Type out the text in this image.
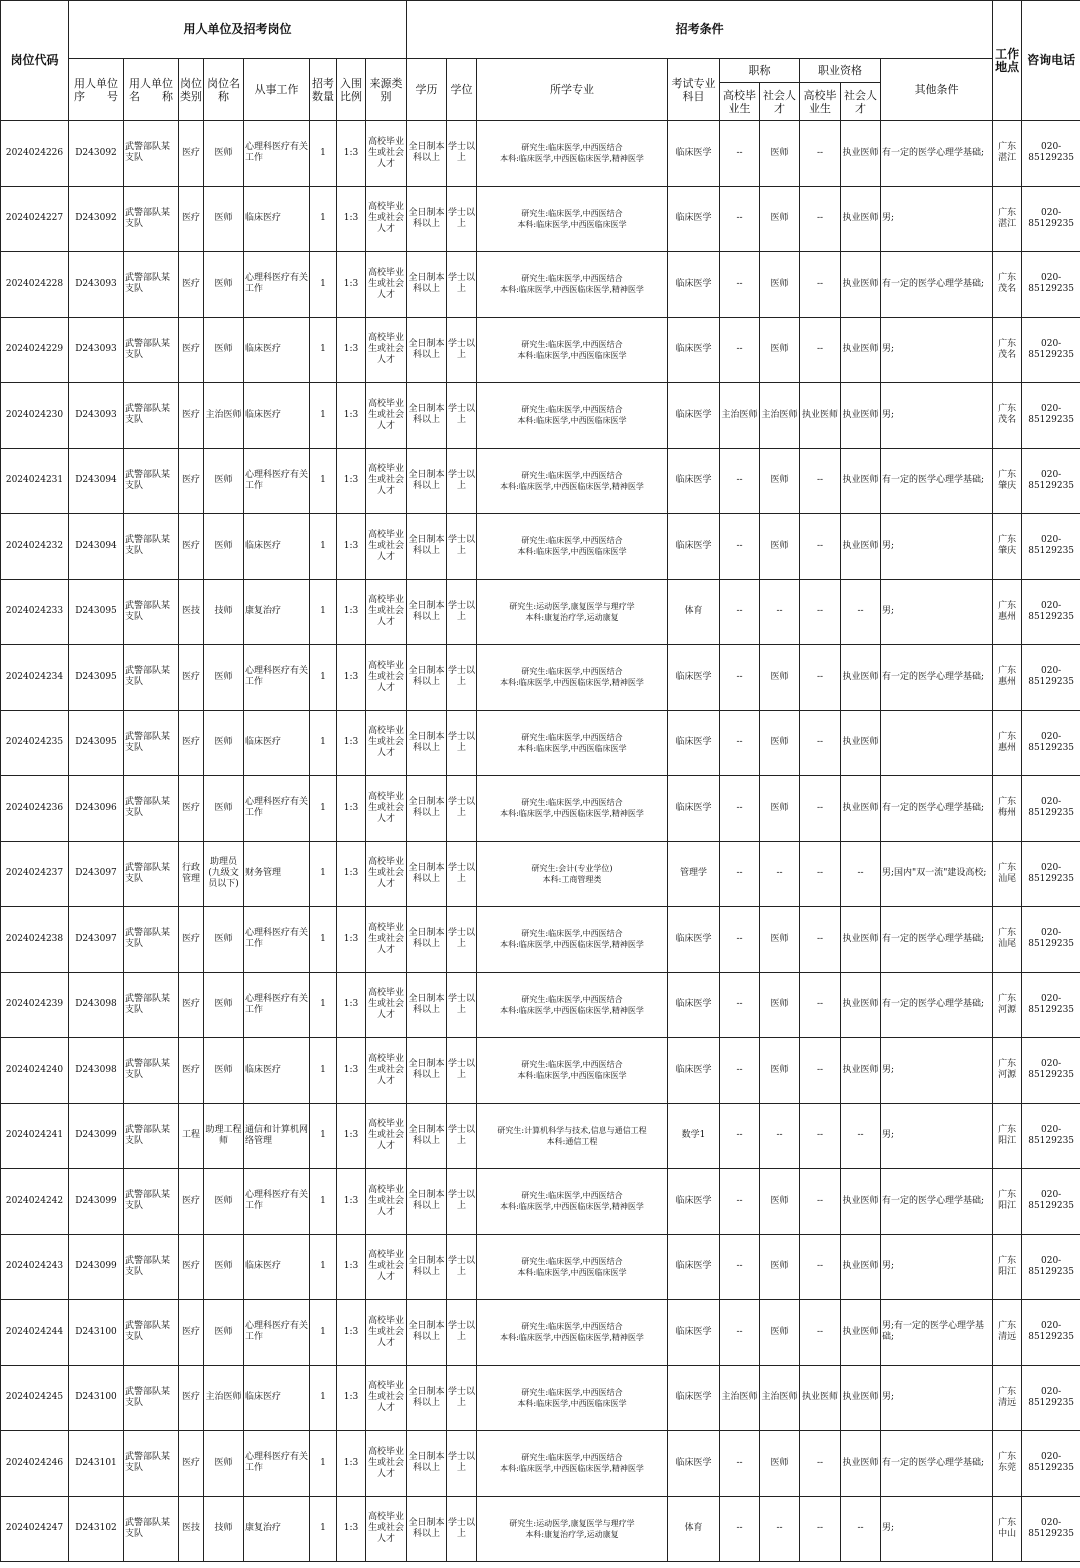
岗位代码	用人单位及招考岗位								招考条件									工作地点	咨询电话
	用人单位序　　号	用人单位名　　称	岗位类别	岗位名称	从事工作	招考数量	入围比例	来源类别	学历	学位	所学专业	考试专业科目	职称		职业资格		其他条件		
													高校毕业生	社会人才	高校毕业生	社会人才			
2024024226	D243092	武警部队某支队	医疗	医师	心理科医疗有关工作	1	1:3	高校毕业生或社会人才	全日制本科以上	学士以上	研究生:临床医学,中西医结合
本科:临床医学,中西医临床医学,精神医学	临床医学	--	医师	--	执业医师	有一定的医学心理学基础;	广东湛江	020-85129235
2024024227	D243092	武警部队某支队	医疗	医师	临床医疗	1	1:3	高校毕业生或社会人才	全日制本科以上	学士以上	研究生:临床医学,中西医结合
本科:临床医学,中西医临床医学	临床医学	--	医师	--	执业医师	男;	广东湛江	020-85129235
2024024228	D243093	武警部队某支队	医疗	医师	心理科医疗有关工作	1	1:3	高校毕业生或社会人才	全日制本科以上	学士以上	研究生:临床医学,中西医结合
本科:临床医学,中西医临床医学,精神医学	临床医学	--	医师	--	执业医师	有一定的医学心理学基础;	广东茂名	020-85129235
2024024229	D243093	武警部队某支队	医疗	医师	临床医疗	1	1:3	高校毕业生或社会人才	全日制本科以上	学士以上	研究生:临床医学,中西医结合
本科:临床医学,中西医临床医学	临床医学	--	医师	--	执业医师	男;	广东茂名	020-85129235
2024024230	D243093	武警部队某支队	医疗	主治医师	临床医疗	1	1:3	高校毕业生或社会人才	全日制本科以上	学士以上	研究生:临床医学,中西医结合
本科:临床医学,中西医临床医学	临床医学	主治医师	主治医师	执业医师	执业医师	男;	广东茂名	020-85129235
2024024231	D243094	武警部队某支队	医疗	医师	心理科医疗有关工作	1	1:3	高校毕业生或社会人才	全日制本科以上	学士以上	研究生:临床医学,中西医结合
本科:临床医学,中西医临床医学,精神医学	临床医学	--	医师	--	执业医师	有一定的医学心理学基础;	广东肇庆	020-85129235
2024024232	D243094	武警部队某支队	医疗	医师	临床医疗	1	1:3	高校毕业生或社会人才	全日制本科以上	学士以上	研究生:临床医学,中西医结合
本科:临床医学,中西医临床医学	临床医学	--	医师	--	执业医师	男;	广东肇庆	020-85129235
2024024233	D243095	武警部队某支队	医技	技师	康复治疗	1	1:3	高校毕业生或社会人才	全日制本科以上	学士以上	研究生:运动医学,康复医学与理疗学
本科:康复治疗学,运动康复	体育	--	--	--	--	男;	广东惠州	020-85129235
2024024234	D243095	武警部队某支队	医疗	医师	心理科医疗有关工作	1	1:3	高校毕业生或社会人才	全日制本科以上	学士以上	研究生:临床医学,中西医结合
本科:临床医学,中西医临床医学,精神医学	临床医学	--	医师	--	执业医师	有一定的医学心理学基础;	广东惠州	020-85129235
2024024235	D243095	武警部队某支队	医疗	医师	临床医疗	1	1:3	高校毕业生或社会人才	全日制本科以上	学士以上	研究生:临床医学,中西医结合
本科:临床医学,中西医临床医学	临床医学	--	医师	--	执业医师		广东惠州	020-85129235
2024024236	D243096	武警部队某支队	医疗	医师	心理科医疗有关工作	1	1:3	高校毕业生或社会人才	全日制本科以上	学士以上	研究生:临床医学,中西医结合
本科:临床医学,中西医临床医学,精神医学	临床医学	--	医师	--	执业医师	有一定的医学心理学基础;	广东梅州	020-85129235
2024024237	D243097	武警部队某支队	行政管理	助理员(九级文员以下)	财务管理	1	1:3	高校毕业生或社会人才	全日制本科以上	学士以上	研究生:会计(专业学位)
本科:工商管理类	管理学	--	--	--	--	男;国内"双一流"建设高校;	广东汕尾	020-85129235
2024024238	D243097	武警部队某支队	医疗	医师	心理科医疗有关工作	1	1:3	高校毕业生或社会人才	全日制本科以上	学士以上	研究生:临床医学,中西医结合
本科:临床医学,中西医临床医学,精神医学	临床医学	--	医师	--	执业医师	有一定的医学心理学基础;	广东汕尾	020-85129235
2024024239	D243098	武警部队某支队	医疗	医师	心理科医疗有关工作	1	1:3	高校毕业生或社会人才	全日制本科以上	学士以上	研究生:临床医学,中西医结合
本科:临床医学,中西医临床医学,精神医学	临床医学	--	医师	--	执业医师	有一定的医学心理学基础;	广东河源	020-85129235
2024024240	D243098	武警部队某支队	医疗	医师	临床医疗	1	1:3	高校毕业生或社会人才	全日制本科以上	学士以上	研究生:临床医学,中西医结合
本科:临床医学,中西医临床医学	临床医学	--	医师	--	执业医师	男;	广东河源	020-85129235
2024024241	D243099	武警部队某支队	工程	助理工程师	通信和计算机网络管理	1	1:3	高校毕业生或社会人才	全日制本科以上	学士以上	研究生:计算机科学与技术,信息与通信工程
本科:通信工程	数学1	--	--	--	--	男;	广东阳江	020-85129235
2024024242	D243099	武警部队某支队	医疗	医师	心理科医疗有关工作	1	1:3	高校毕业生或社会人才	全日制本科以上	学士以上	研究生:临床医学,中西医结合
本科:临床医学,中西医临床医学,精神医学	临床医学	--	医师	--	执业医师	有一定的医学心理学基础;	广东阳江	020-85129235
2024024243	D243099	武警部队某支队	医疗	医师	临床医疗	1	1:3	高校毕业生或社会人才	全日制本科以上	学士以上	研究生:临床医学,中西医结合
本科:临床医学,中西医临床医学	临床医学	--	医师	--	执业医师	男;	广东阳江	020-85129235
2024024244	D243100	武警部队某支队	医疗	医师	心理科医疗有关工作	1	1:3	高校毕业生或社会人才	全日制本科以上	学士以上	研究生:临床医学,中西医结合
本科:临床医学,中西医临床医学,精神医学	临床医学	--	医师	--	执业医师	男;有一定的医学心理学基础;	广东清远	020-85129235
2024024245	D243100	武警部队某支队	医疗	主治医师	临床医疗	1	1:3	高校毕业生或社会人才	全日制本科以上	学士以上	研究生:临床医学,中西医结合
本科:临床医学,中西医临床医学	临床医学	主治医师	主治医师	执业医师	执业医师	男;	广东清远	020-85129235
2024024246	D243101	武警部队某支队	医疗	医师	心理科医疗有关工作	1	1:3	高校毕业生或社会人才	全日制本科以上	学士以上	研究生:临床医学,中西医结合
本科:临床医学,中西医临床医学,精神医学	临床医学	--	医师	--	执业医师	有一定的医学心理学基础;	广东东莞	020-85129235
2024024247	D243102	武警部队某支队	医技	技师	康复治疗	1	1:3	高校毕业生或社会人才	全日制本科以上	学士以上	研究生:运动医学,康复医学与理疗学
本科:康复治疗学,运动康复	体育	--	--	--	--	男;	广东中山	020-85129235
